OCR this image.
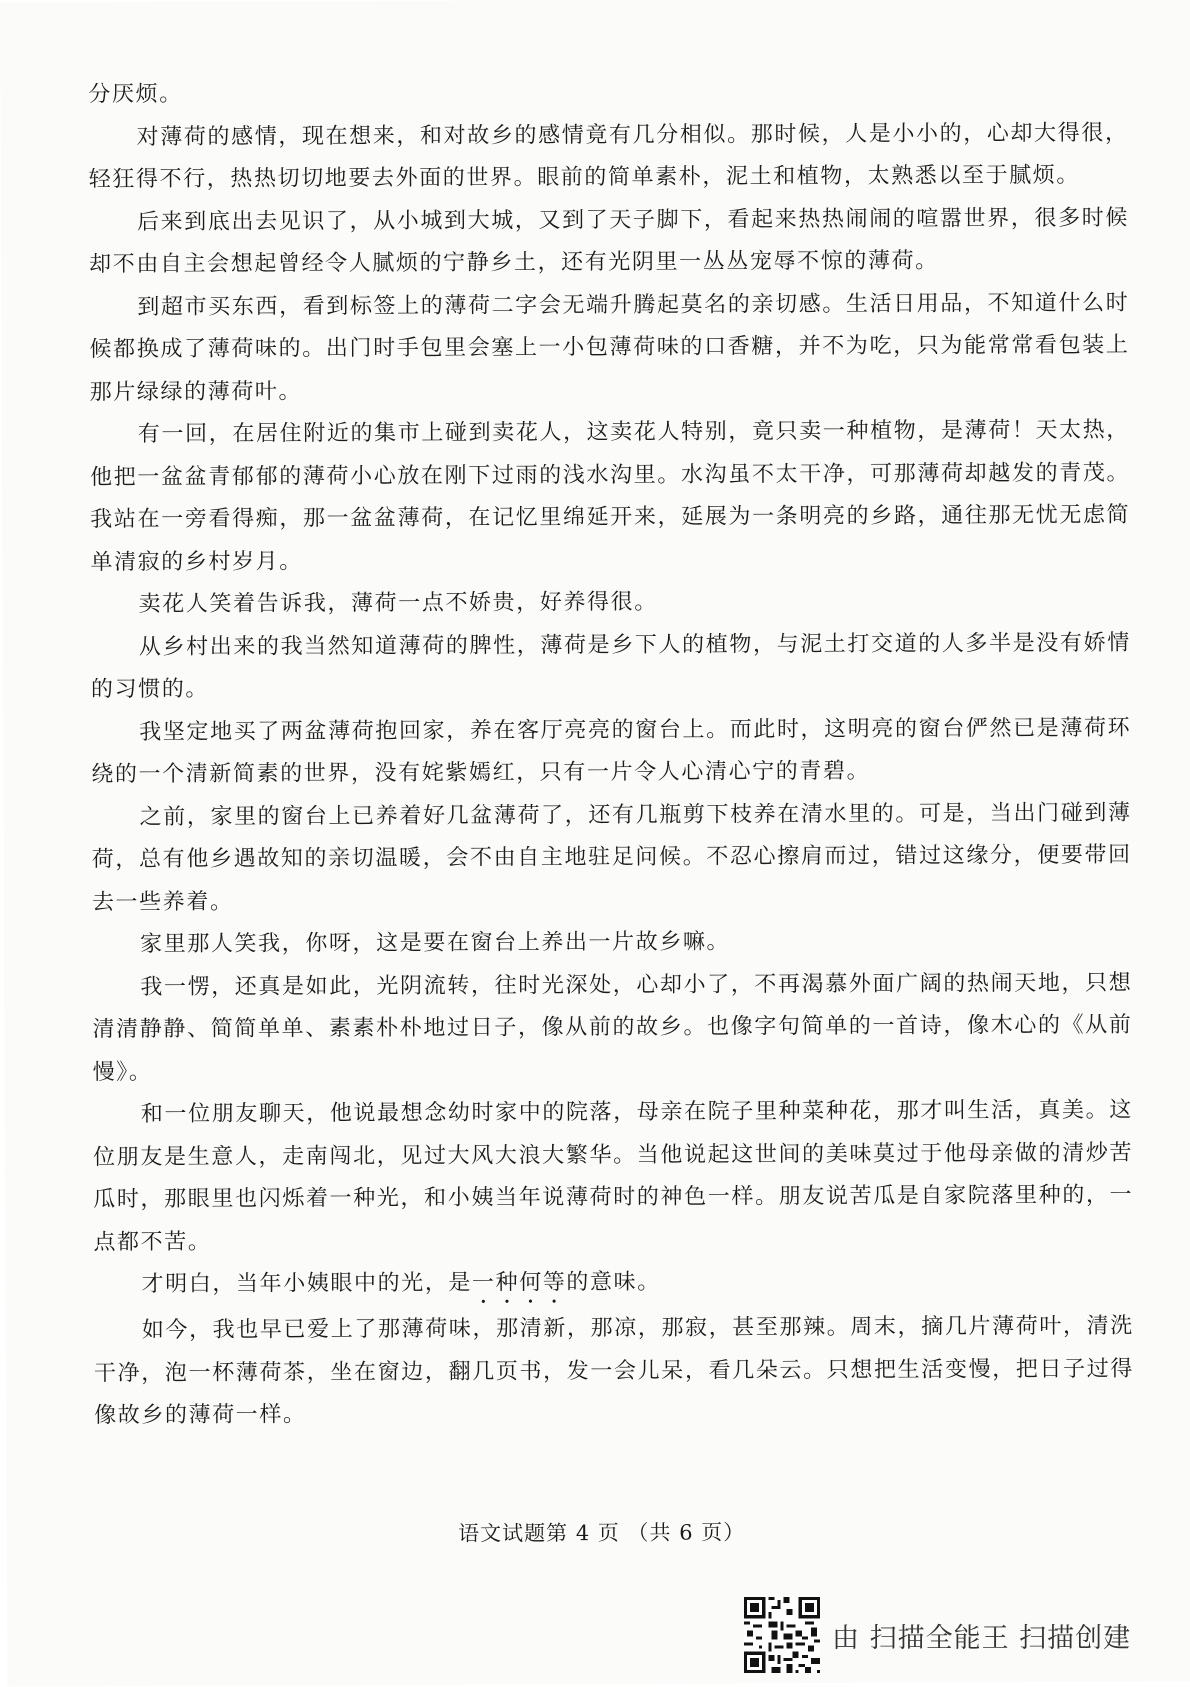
分厌烦。

对薄荷的感情，现在想来，和对故乡的感情竟有几分相似。那时候，人是小小的，心却大得很，轻狂得不行，热热切切地要去外面的世界。眼前的简单素朴，泥土和植物，太熟悉以至于腻烦。

后来到底出去见识了，从小城到大城，又到了天子脚下，看起来热热闹闹的喧嚣世界，很多时候却不由自主会想起曾经令人腻烦的宁静乡土，还有光阴里一丛丛宠辱不惊的薄荷。

到超市买东西，看到标签上的薄荷二字会无端升腾起莫名的亲切感。生活日用品，不知道什么时候都换成了薄荷味的。出门时手包里会塞上一小包薄荷味的口香糖，并不为吃，只为能常常看包装上那片绿绿的薄荷叶。

有一回，在居住附近的集市上碰到卖花人，这卖花人特别，竟只卖一种植物，是薄荷！天太热，他把一盆盆青郁郁的薄荷小心放在刚下过雨的浅水沟里。水沟虽不太干净，可那薄荷却越发的青茂。我站在一旁看得痴，那一盆盆薄荷，在记忆里绵延开来，延展为一条明亮的乡路，通往那无忧无虑简单清寂的乡村岁月。

卖花人笑着告诉我，薄荷一点不娇贵，好养得很。

从乡村出来的我当然知道薄荷的脾性，薄荷是乡下人的植物，与泥土打交道的人多半是没有娇情的习惯的。

我坚定地买了两盆薄荷抱回家，养在客厅亮亮的窗台上。而此时，这明亮的窗台俨然已是薄荷环绕的一个清新简素的世界，没有姹紫嫣红，只有一片令人心清心宁的青碧。

之前，家里的窗台上已养着好几盆薄荷了，还有几瓶剪下枝养在清水里的。可是，当出门碰到薄荷，总有他乡遇故知的亲切温暖，会不由自主地驻足问候。不忍心擦肩而过，错过这缘分，便要带回去一些养着。

家里那人笑我，你呀，这是要在窗台上养出一片故乡嘛。

我一愣，还真是如此，光阴流转，往时光深处，心却小了，不再渴慕外面广阔的热闹天地，只想清清静静、简简单单、素素朴朴地过日子，像从前的故乡。也像字句简单的一首诗，像木心的《从前慢》。

和一位朋友聊天，他说最想念幼时家中的院落，母亲在院子里种菜种花，那才叫生活，真美。这位朋友是生意人，走南闯北，见过大风大浪大繁华。当他说起这世间的美味莫过于他母亲做的清炒苦瓜时，那眼里也闪烁着一种光，和小姨当年说薄荷时的神色一样。朋友说苦瓜是自家院落里种的，一点都不苦。

才明白，当年小姨眼中的光，是一种何等的意味。

如今，我也早已爱上了那薄荷味，那清新，那凉，那寂，甚至那辣。周末，摘几片薄荷叶，清洗干净，泡一杯薄荷茶，坐在窗边，翻几页书，发一会儿呆，看几朵云。只想把生活变慢，把日子过得像故乡的薄荷一样。

语文试题第 4 页 （共 6 页）
由 扫描全能王 扫描创建
